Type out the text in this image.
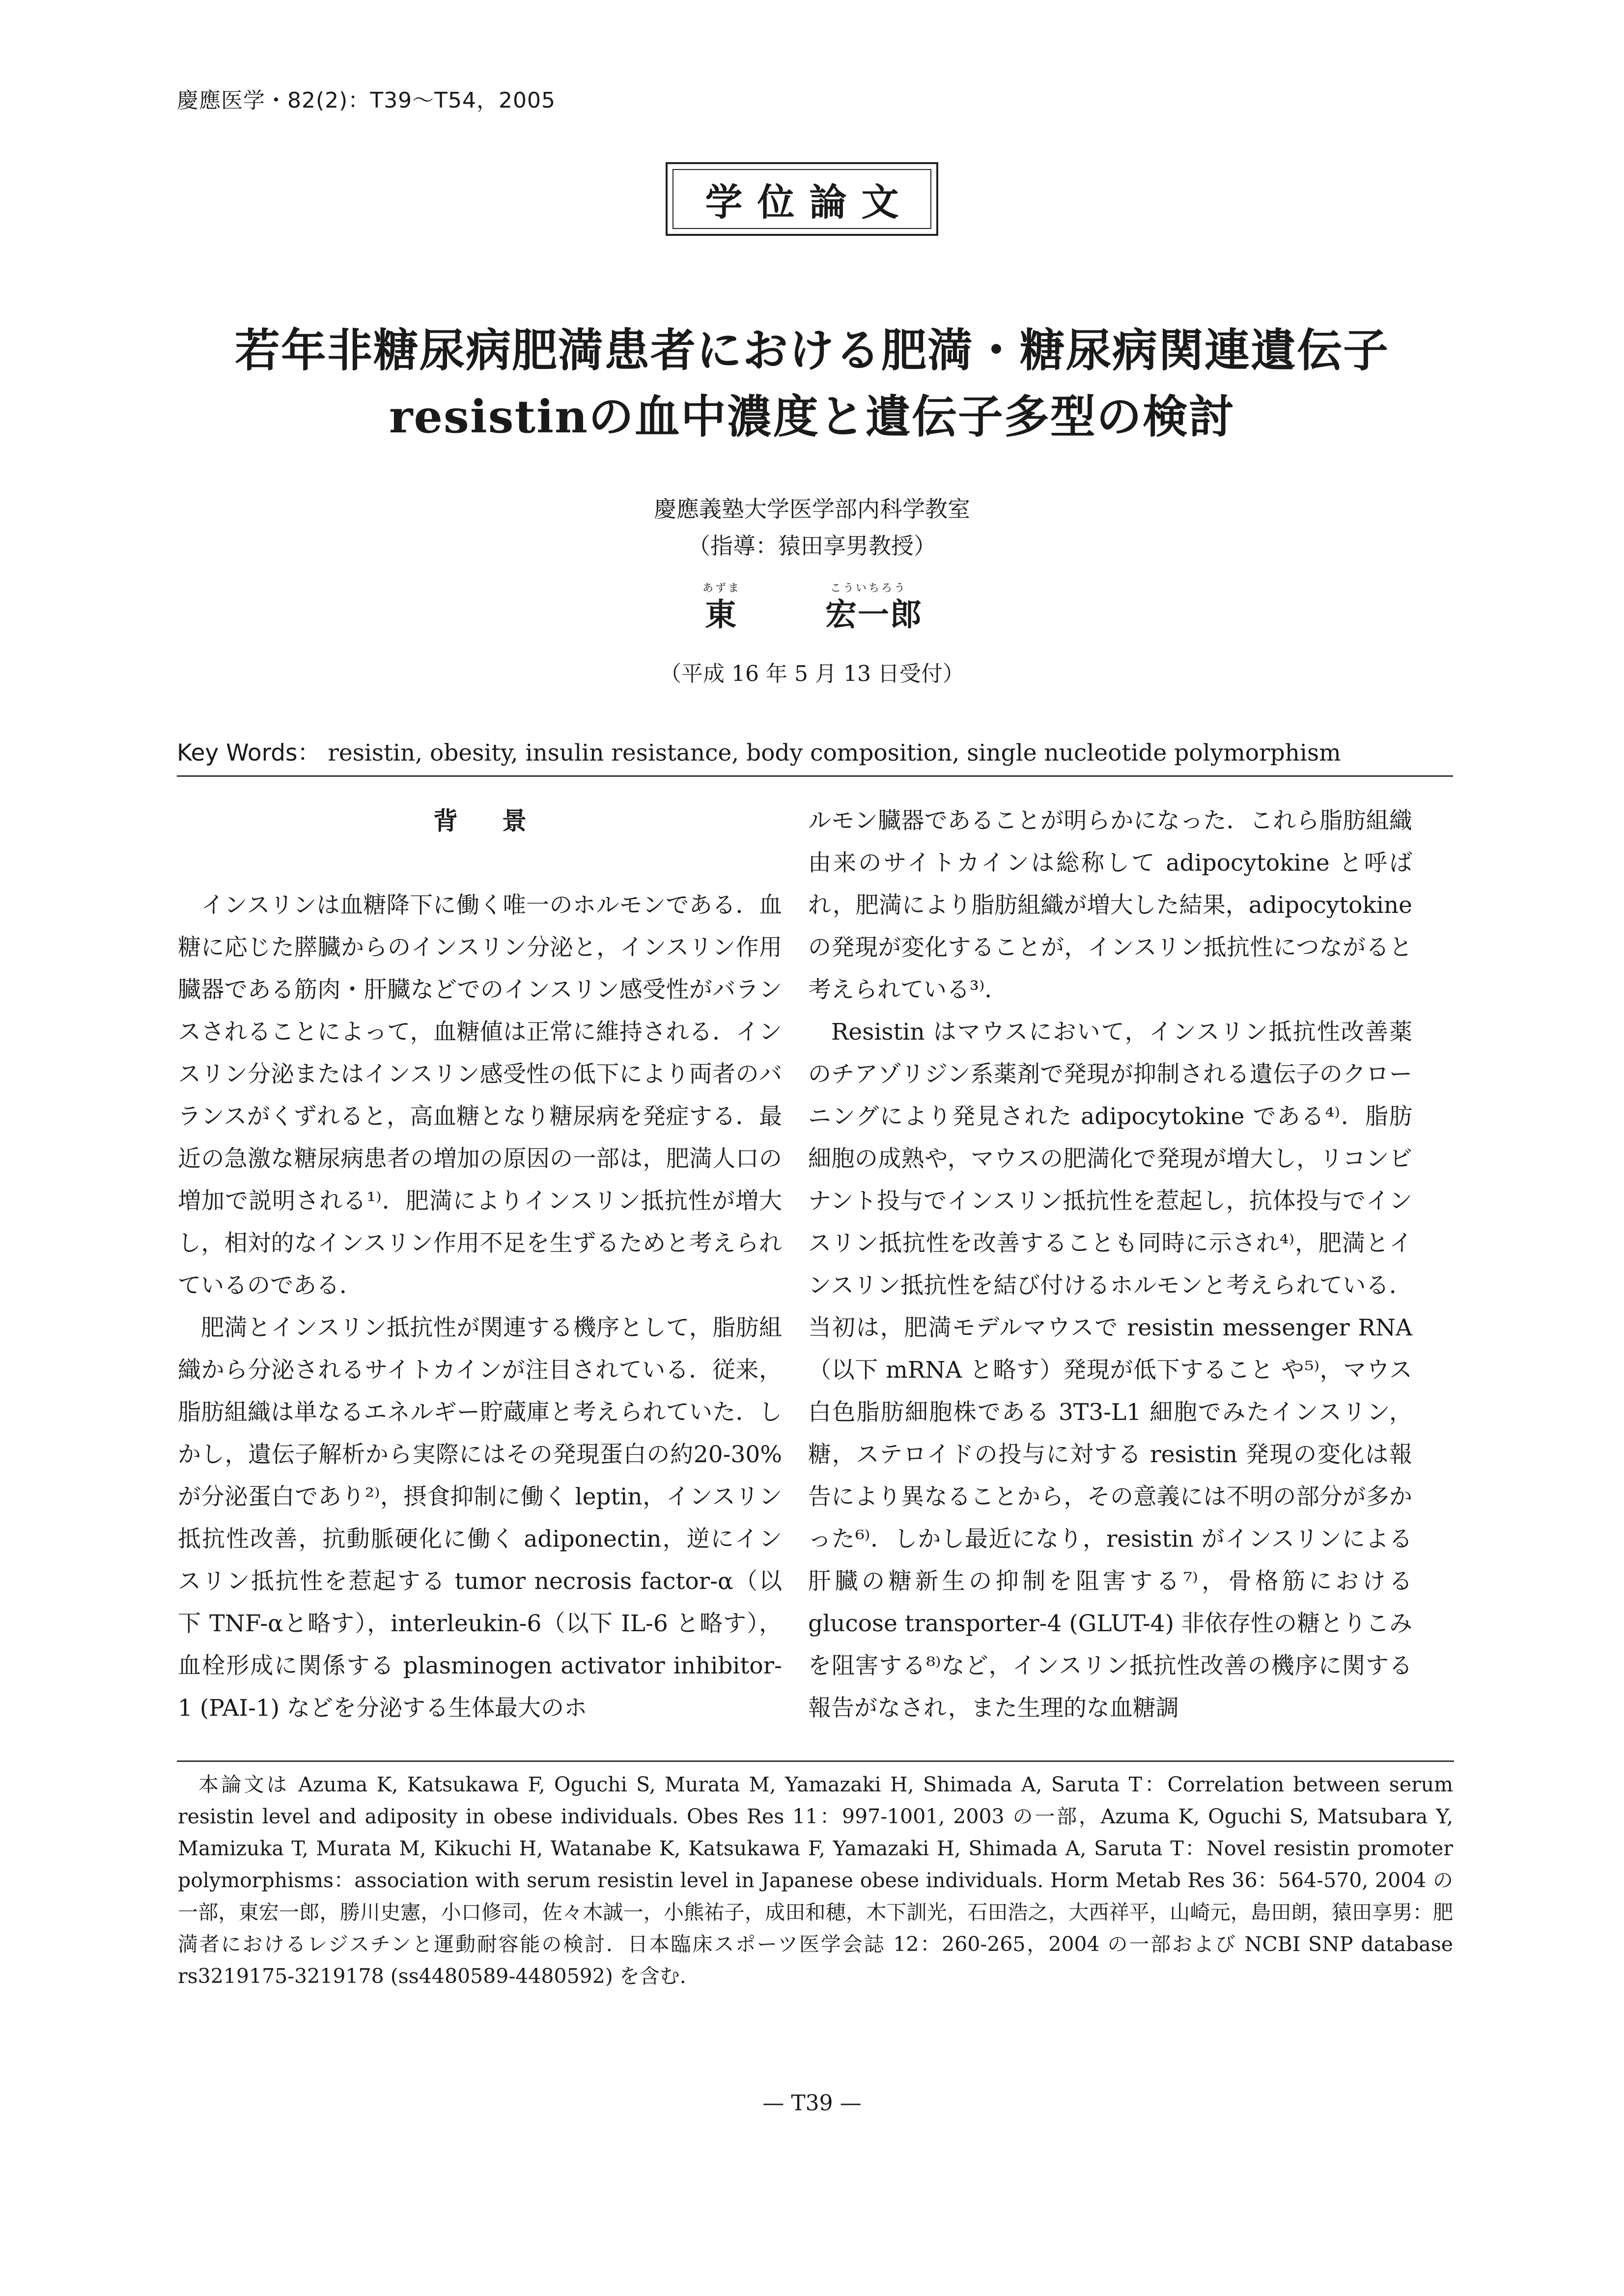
慶應医学・82(2)：T39〜T54，2005
学位論文
若年非糖尿病肥満患者における肥満・糖尿病関連遺伝子
resistinの血中濃度と遺伝子多型の検討
慶應義塾大学医学部内科学教室
（指導：猿田享男教授）
あずま	こういちろう
東	宏一郎
（平成 16 年 5 月 13 日受付）
Key Words： resistin, obesity, insulin resistance, body composition, single nucleotide polymorphism
背景

インスリンは血糖降下に働く唯一のホルモンである．血糖に応じた膵臓からのインスリン分泌と，インスリン作用臓器である筋肉・肝臓などでのインスリン感受性がバランスされることによって，血糖値は正常に維持される．インスリン分泌またはインスリン感受性の低下により両者のバランスがくずれると，高血糖となり糖尿病を発症する．最近の急激な糖尿病患者の増加の原因の一部は，肥満人口の増加で説明される¹⁾．肥満によりインスリン抵抗性が増大し，相対的なインスリン作用不足を生ずるためと考えられているのである．

肥満とインスリン抵抗性が関連する機序として，脂肪組織から分泌されるサイトカインが注目されている．従来，脂肪組織は単なるエネルギー貯蔵庫と考えられていた．しかし，遺伝子解析から実際にはその発現蛋白の約20-30%が分泌蛋白であり²⁾，摂食抑制に働く leptin，インスリン抵抗性改善，抗動脈硬化に働く adiponectin，逆にインスリン抵抗性を惹起する tumor necrosis factor-α（以下 TNF-αと略す），interleukin-6（以下 IL-6 と略す），血栓形成に関係する plasminogen activator inhibitor-1 (PAI-1) などを分泌する生体最大のホ

ルモン臓器であることが明らかになった．これら脂肪組織由来のサイトカインは総称して adipocytokine と呼ばれ，肥満により脂肪組織が増大した結果，adipocytokine の発現が変化することが，インスリン抵抗性につながると考えられている³⁾．

Resistin はマウスにおいて，インスリン抵抗性改善薬のチアゾリジン系薬剤で発現が抑制される遺伝子のクローニングにより発見された adipocytokine である⁴⁾．脂肪細胞の成熟や，マウスの肥満化で発現が増大し，リコンビナント投与でインスリン抵抗性を惹起し，抗体投与でインスリン抵抗性を改善することも同時に示され⁴⁾，肥満とインスリン抵抗性を結び付けるホルモンと考えられている．当初は，肥満モデルマウスで resistin messenger RNA（以下 mRNA と略す）発現が低下すること や⁵⁾，マウス白色脂肪細胞株である 3T3-L1 細胞でみたインスリン，糖，ステロイドの投与に対する resistin 発現の変化は報告により異なることから，その意義には不明の部分が多かった⁶⁾．しかし最近になり，resistin がインスリンによる肝臓の糖新生の抑制を阻害する⁷⁾，骨格筋における glucose transporter-4 (GLUT-4) 非依存性の糖とりこみを阻害する⁸⁾など，インスリン抵抗性改善の機序に関する報告がなされ，また生理的な血糖調

本論文は Azuma K, Katsukawa F, Oguchi S, Murata M, Yamazaki H, Shimada A, Saruta T：Correlation between serum resistin level and adiposity in obese individuals. Obes Res 11：997-1001, 2003 の一部，Azuma K, Oguchi S, Matsubara Y, Mamizuka T, Murata M, Kikuchi H, Watanabe K, Katsukawa F, Yamazaki H, Shimada A, Saruta T：Novel resistin promoter polymorphisms：association with serum resistin level in Japanese obese individuals. Horm Metab Res 36：564-570, 2004 の一部，東宏一郎，勝川史憲，小口修司，佐々木誠一，小熊祐子，成田和穂，木下訓光，石田浩之，大西祥平，山崎元，島田朗，猿田享男：肥満者におけるレジスチンと運動耐容能の検討．日本臨床スポーツ医学会誌 12：260-265，2004 の一部および NCBI SNP database rs3219175-3219178 (ss4480589-4480592) を含む．
— T39 —
